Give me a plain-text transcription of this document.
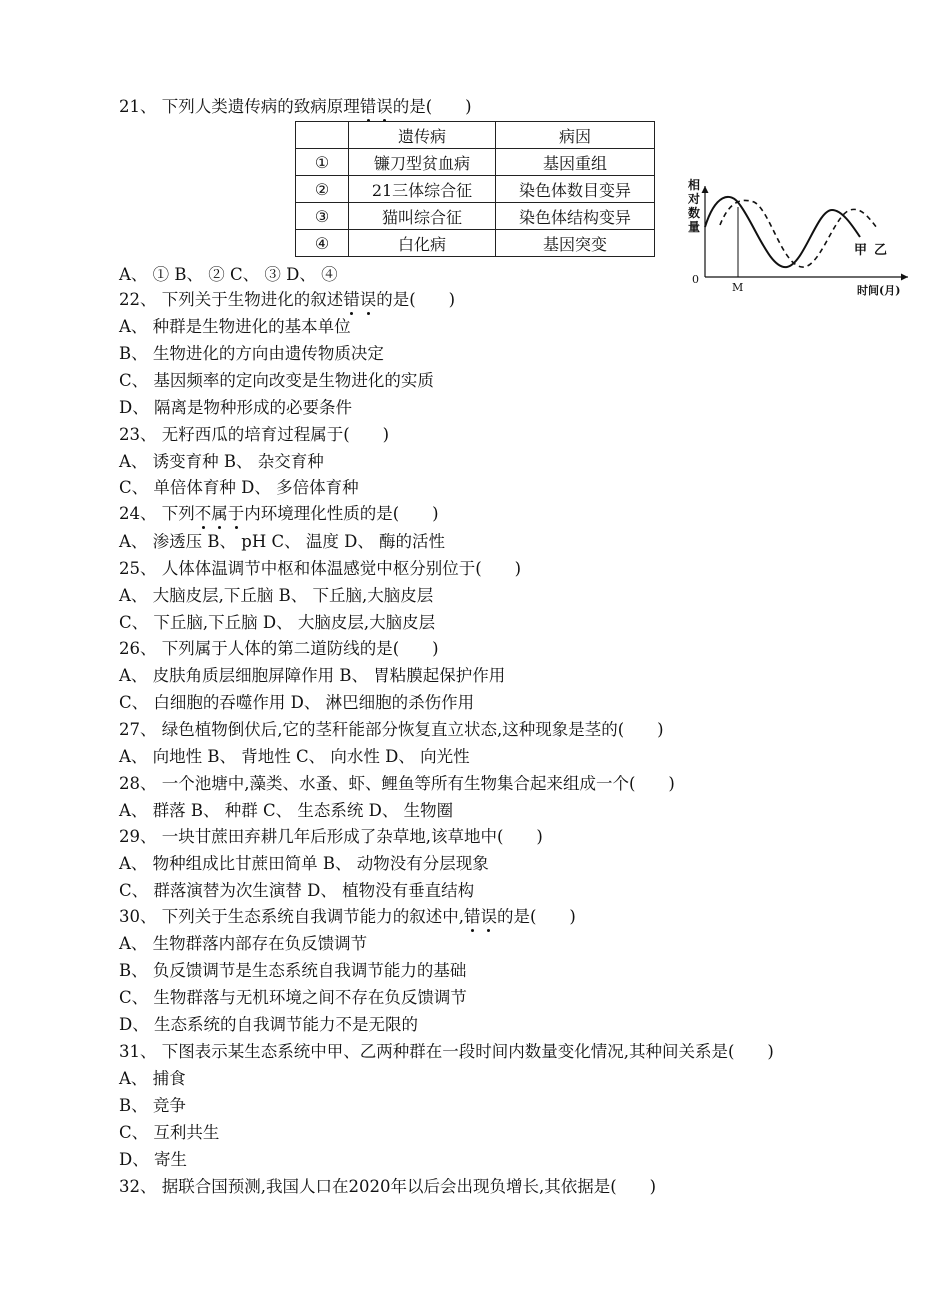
21、 下列人类遗传病的致病原理错误的是(　　)
	遗传病	病因
①	镰刀型贫血病	基因重组
②	21三体综合征	染色体数目变异
③	猫叫综合征	染色体结构变异
④	白化病	基因突变
相
对
数
量
0
M	时间(月)
甲 乙
A、 ① B、 ② C、 ③ D、 ④
22、 下列关于生物进化的叙述错误的是(　　)
A、 种群是生物进化的基本单位
B、 生物进化的方向由遗传物质决定
C、 基因频率的定向改变是生物进化的实质
D、 隔离是物种形成的必要条件
23、 无籽西瓜的培育过程属于(　　)
A、 诱变育种 B、 杂交育种
C、 单倍体育种 D、 多倍体育种
24、 下列不属于内环境理化性质的是(　　)
A、 渗透压 B、 pH C、 温度 D、 酶的活性
25、 人体体温调节中枢和体温感觉中枢分别位于(　　)
A、 大脑皮层,下丘脑 B、 下丘脑,大脑皮层
C、 下丘脑,下丘脑 D、 大脑皮层,大脑皮层
26、 下列属于人体的第二道防线的是(　　)
A、 皮肤角质层细胞屏障作用 B、 胃粘膜起保护作用
C、 白细胞的吞噬作用 D、 淋巴细胞的杀伤作用
27、 绿色植物倒伏后,它的茎秆能部分恢复直立状态,这种现象是茎的(　　)
A、 向地性 B、 背地性 C、 向水性 D、 向光性
28、 一个池塘中,藻类、水蚤、虾、鲤鱼等所有生物集合起来组成一个(　　)
A、 群落 B、 种群 C、 生态系统 D、 生物圈
29、 一块甘蔗田弃耕几年后形成了杂草地,该草地中(　　)
A、 物种组成比甘蔗田简单 B、 动物没有分层现象
C、 群落演替为次生演替 D、 植物没有垂直结构
30、 下列关于生态系统自我调节能力的叙述中,错误的是(　　)
A、 生物群落内部存在负反馈调节
B、 负反馈调节是生态系统自我调节能力的基础
C、 生物群落与无机环境之间不存在负反馈调节
D、 生态系统的自我调节能力不是无限的
31、 下图表示某生态系统中甲、乙两种群在一段时间内数量变化情况,其种间关系是(　　)
A、 捕食
B、 竞争
C、 互利共生
D、 寄生
32、 据联合国预测,我国人口在2020年以后会出现负增长,其依据是(　　)
